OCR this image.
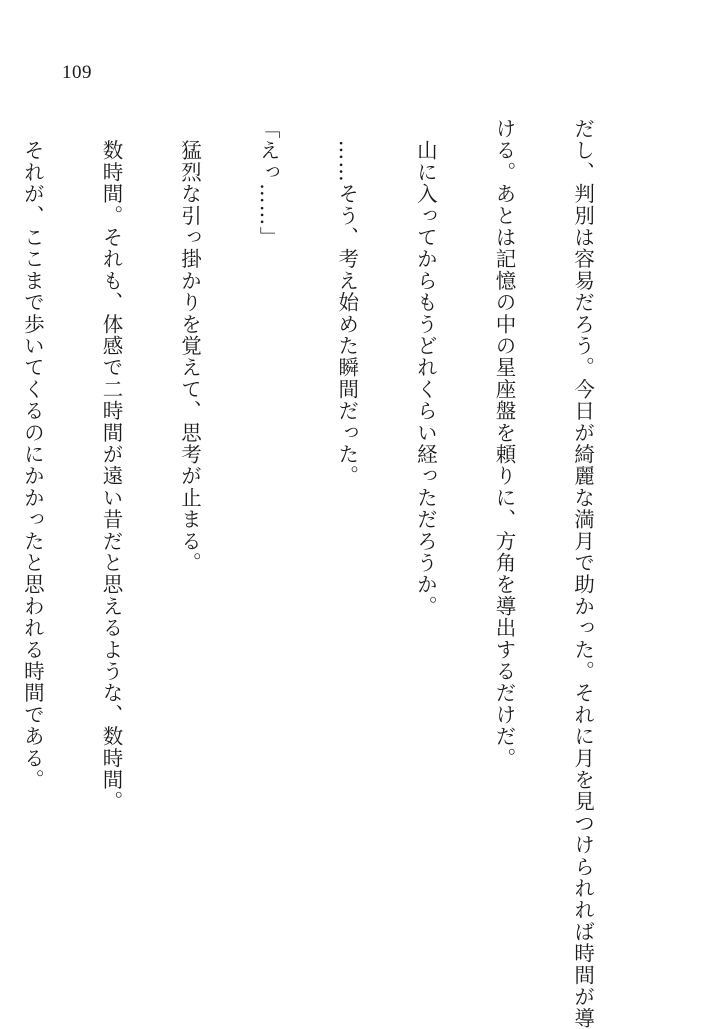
109

だし、判別は容易だろう。今日が綺麗な満月で助かった。それに月を見つけられれば時間が導

ける。あとは記憶の中の星座盤を頼りに、方角を導出するだけだ。

　山に入ってからもうどれくらい経っただろうか。

　……そう、考え始めた瞬間だった。

「えっ……」

　猛烈な引っ掛かりを覚えて、思考が止まる。

　数時間。それも、体感で二時間が遠い昔だと思えるような、数時間。

　それが、ここまで歩いてくるのにかかったと思われる時間である。
